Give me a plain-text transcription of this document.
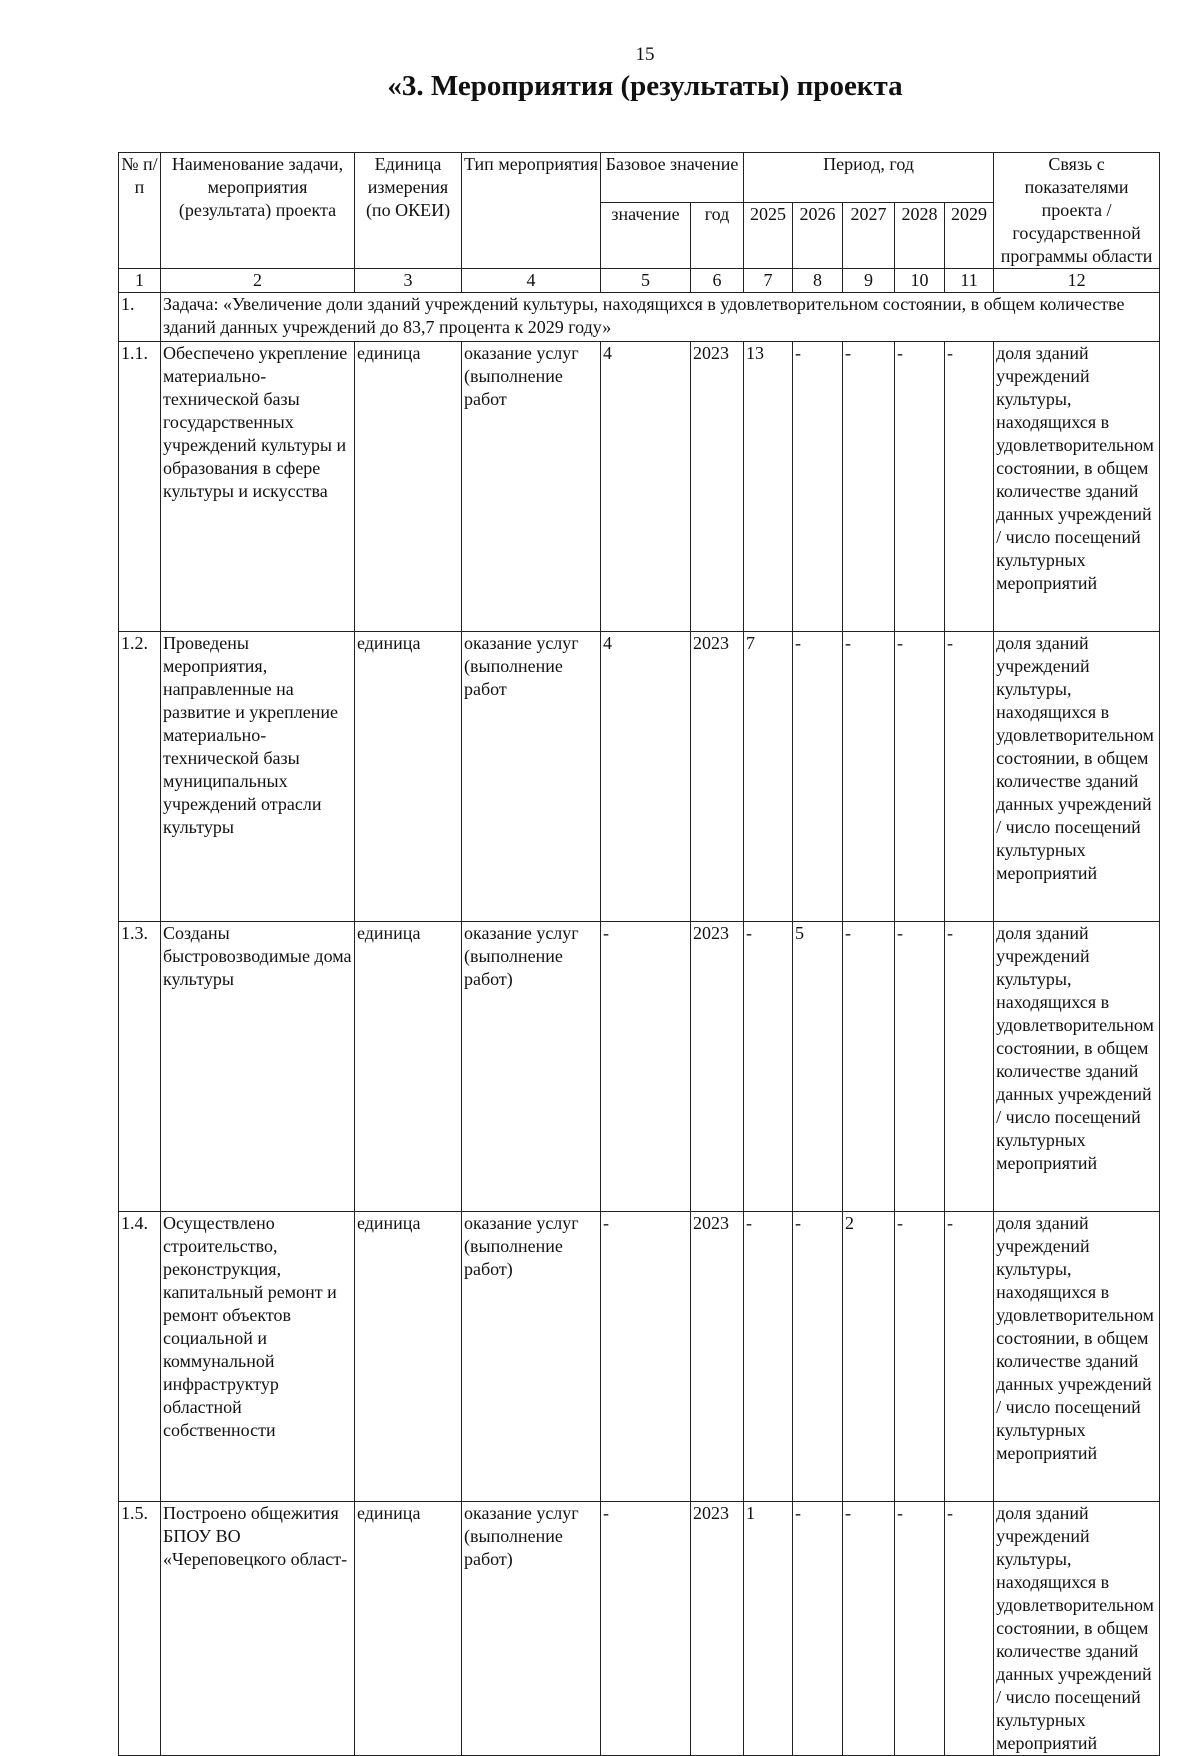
15
«3. Мероприятия (результаты) проекта
№ п/п	Наименование задачи, мероприятия (результата) проекта	Единица измерения (по ОКЕИ)	Тип мероприятия	Базовое значение		Период, год					Связь с показателями проекта / государственной программы области
				значение	год	2025	2026	2027	2028	2029	
1	2	3	4	5	6	7	8	9	10	11	12
1.	Задача: «Увеличение доли зданий учреждений культуры, находящихся в удовлетворительном состоянии, в общем количестве зданий данных учреждений до 83,7 процента к 2029 году»										
1.1.	Обеспечено укрепление материально-технической базы государственных учреждений культуры и образования в сфере культуры и искусства	единица	оказание услуг (выполнение работ	4	2023	13	-	-	-	-	доля зданий учреждений культуры, находящихся в удовлетворительном состоянии, в общем количестве зданий данных учреждений / число посещений культурных мероприятий
1.2.	Проведены мероприятия, направленные на развитие и укрепление материально-технической базы муниципальных учреждений отрасли культуры	единица	оказание услуг (выполнение работ	4	2023	7	-	-	-	-	доля зданий учреждений культуры, находящихся в удовлетворительном состоянии, в общем количестве зданий данных учреждений / число посещений культурных мероприятий
1.3.	Созданы быстровозводимые дома культуры	единица	оказание услуг (выполнение работ)	-	2023	-	5	-	-	-	доля зданий учреждений культуры, находящихся в удовлетворительном состоянии, в общем количестве зданий данных учреждений / число посещений культурных мероприятий
1.4.	Осуществлено строительство, реконструкция, капитальный ремонт и ремонт объектов социальной и коммунальной инфраструктур областной собственности	единица	оказание услуг (выполнение работ)	-	2023	-	-	2	-	-	доля зданий учреждений культуры, находящихся в удовлетворительном состоянии, в общем количестве зданий данных учреждений / число посещений культурных мероприятий
1.5.	Построено общежития БПОУ ВО «Череповецкого област-	единица	оказание услуг (выполнение работ)	-	2023	1	-	-	-	-	доля зданий учреждений культуры, находящихся в удовлетворительном состоянии, в общем количестве зданий данных учреждений / число посещений культурных мероприятий
